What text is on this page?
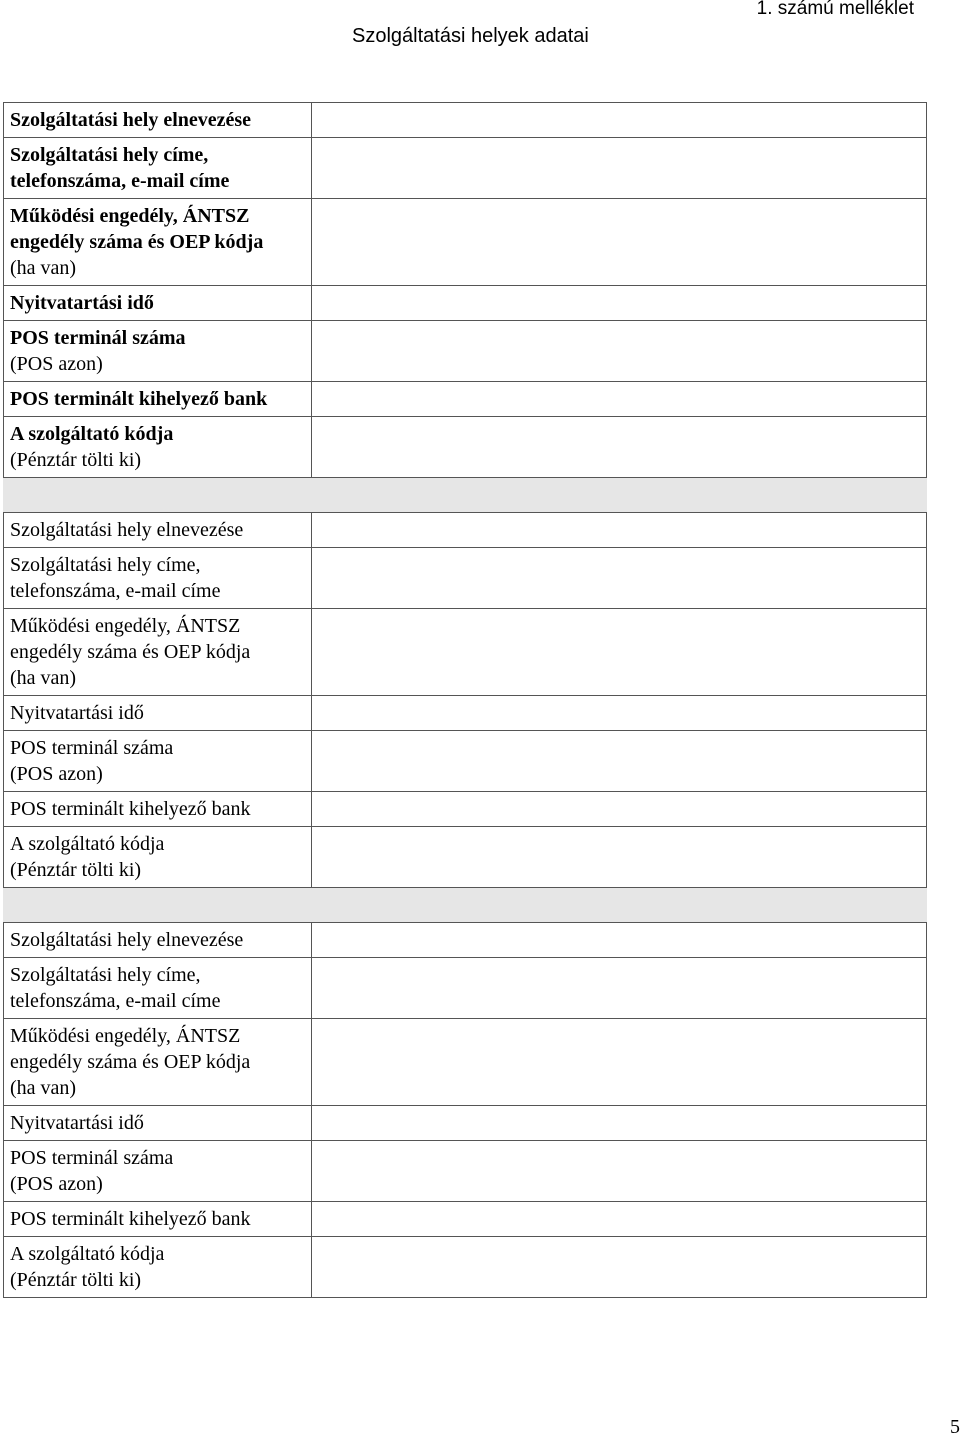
1. számú melléklet
Szolgáltatási helyek adatai
Szolgáltatási hely elnevezése	

Szolgáltatási hely címe,
telefonszáma, e-mail címe	

Működési engedély, ÁNTSZ
engedély száma és OEP kódja
(ha van)	

Nyitvatartási idő	

POS terminál száma
(POS azon)	

POS terminált kihelyező bank	

A szolgáltató kódja
(Pénztár tölti ki)	

Szolgáltatási hely elnevezése	

Szolgáltatási hely címe,
telefonszáma, e-mail címe	

Működési engedély, ÁNTSZ
engedély száma és OEP kódja
(ha van)	

Nyitvatartási idő	

POS terminál száma
(POS azon)	

POS terminált kihelyező bank	

A szolgáltató kódja
(Pénztár tölti ki)	

Szolgáltatási hely elnevezése	

Szolgáltatási hely címe,
telefonszáma, e-mail címe	

Működési engedély, ÁNTSZ
engedély száma és OEP kódja
(ha van)	

Nyitvatartási idő	

POS terminál száma
(POS azon)	

POS terminált kihelyező bank	

A szolgáltató kódja
(Pénztár tölti ki)	

5
